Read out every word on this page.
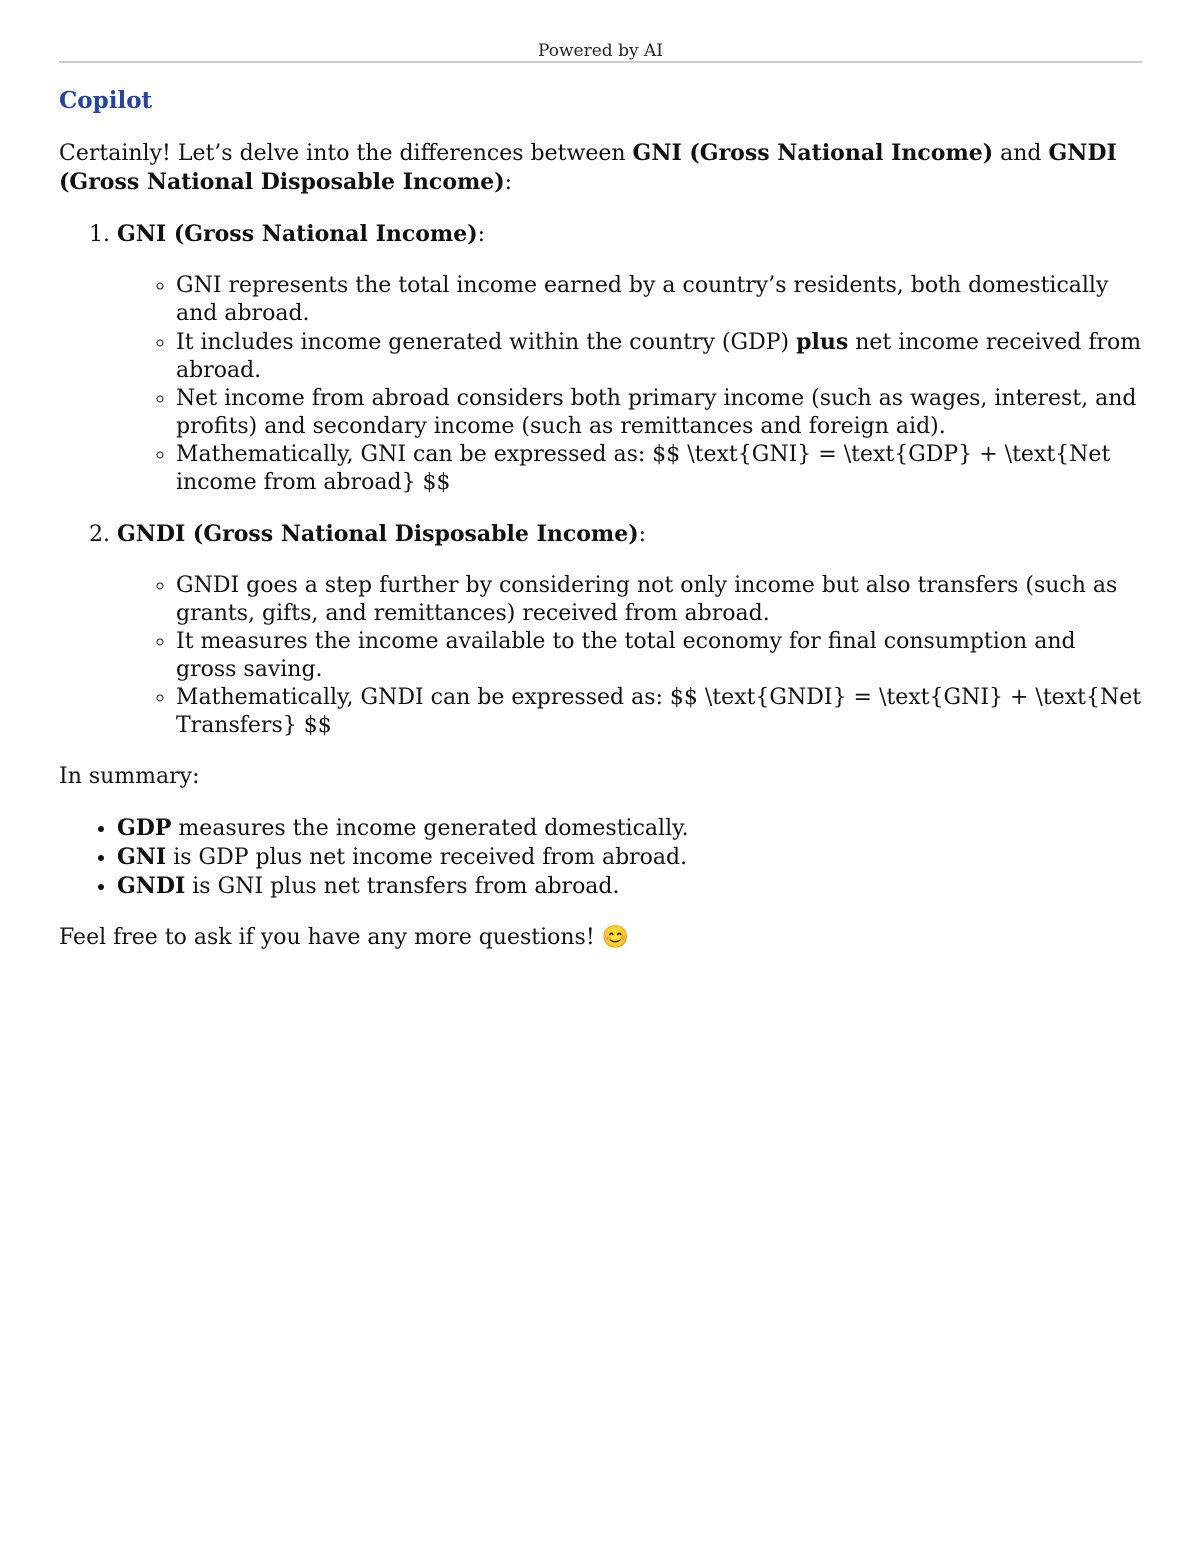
Powered by AI
Copilot

Certainly! Let’s delve into the differences between GNI (Gross National Income) and GNDI (Gross National Disposable Income):

1. GNI (Gross National Income):
◦ GNI represents the total income earned by a country’s residents, both domestically and abroad.
◦ It includes income generated within the country (GDP) plus net income received from abroad.
◦ Net income from abroad considers both primary income (such as wages, interest, and profits) and secondary income (such as remittances and foreign aid).
◦ Mathematically, GNI can be expressed as: $$ \text{GNI} = \text{GDP} + \text{Net income from abroad} $$
2. GNDI (Gross National Disposable Income):
◦ GNDI goes a step further by considering not only income but also transfers (such as grants, gifts, and remittances) received from abroad.
◦ It measures the income available to the total economy for final consumption and gross saving.
◦ Mathematically, GNDI can be expressed as: $$ \text{GNDI} = \text{GNI} + \text{Net Transfers} $$

In summary:

• GDP measures the income generated domestically.
• GNI is GDP plus net income received from abroad.
• GNDI is GNI plus net transfers from abroad.

Feel free to ask if you have any more questions! 😊
